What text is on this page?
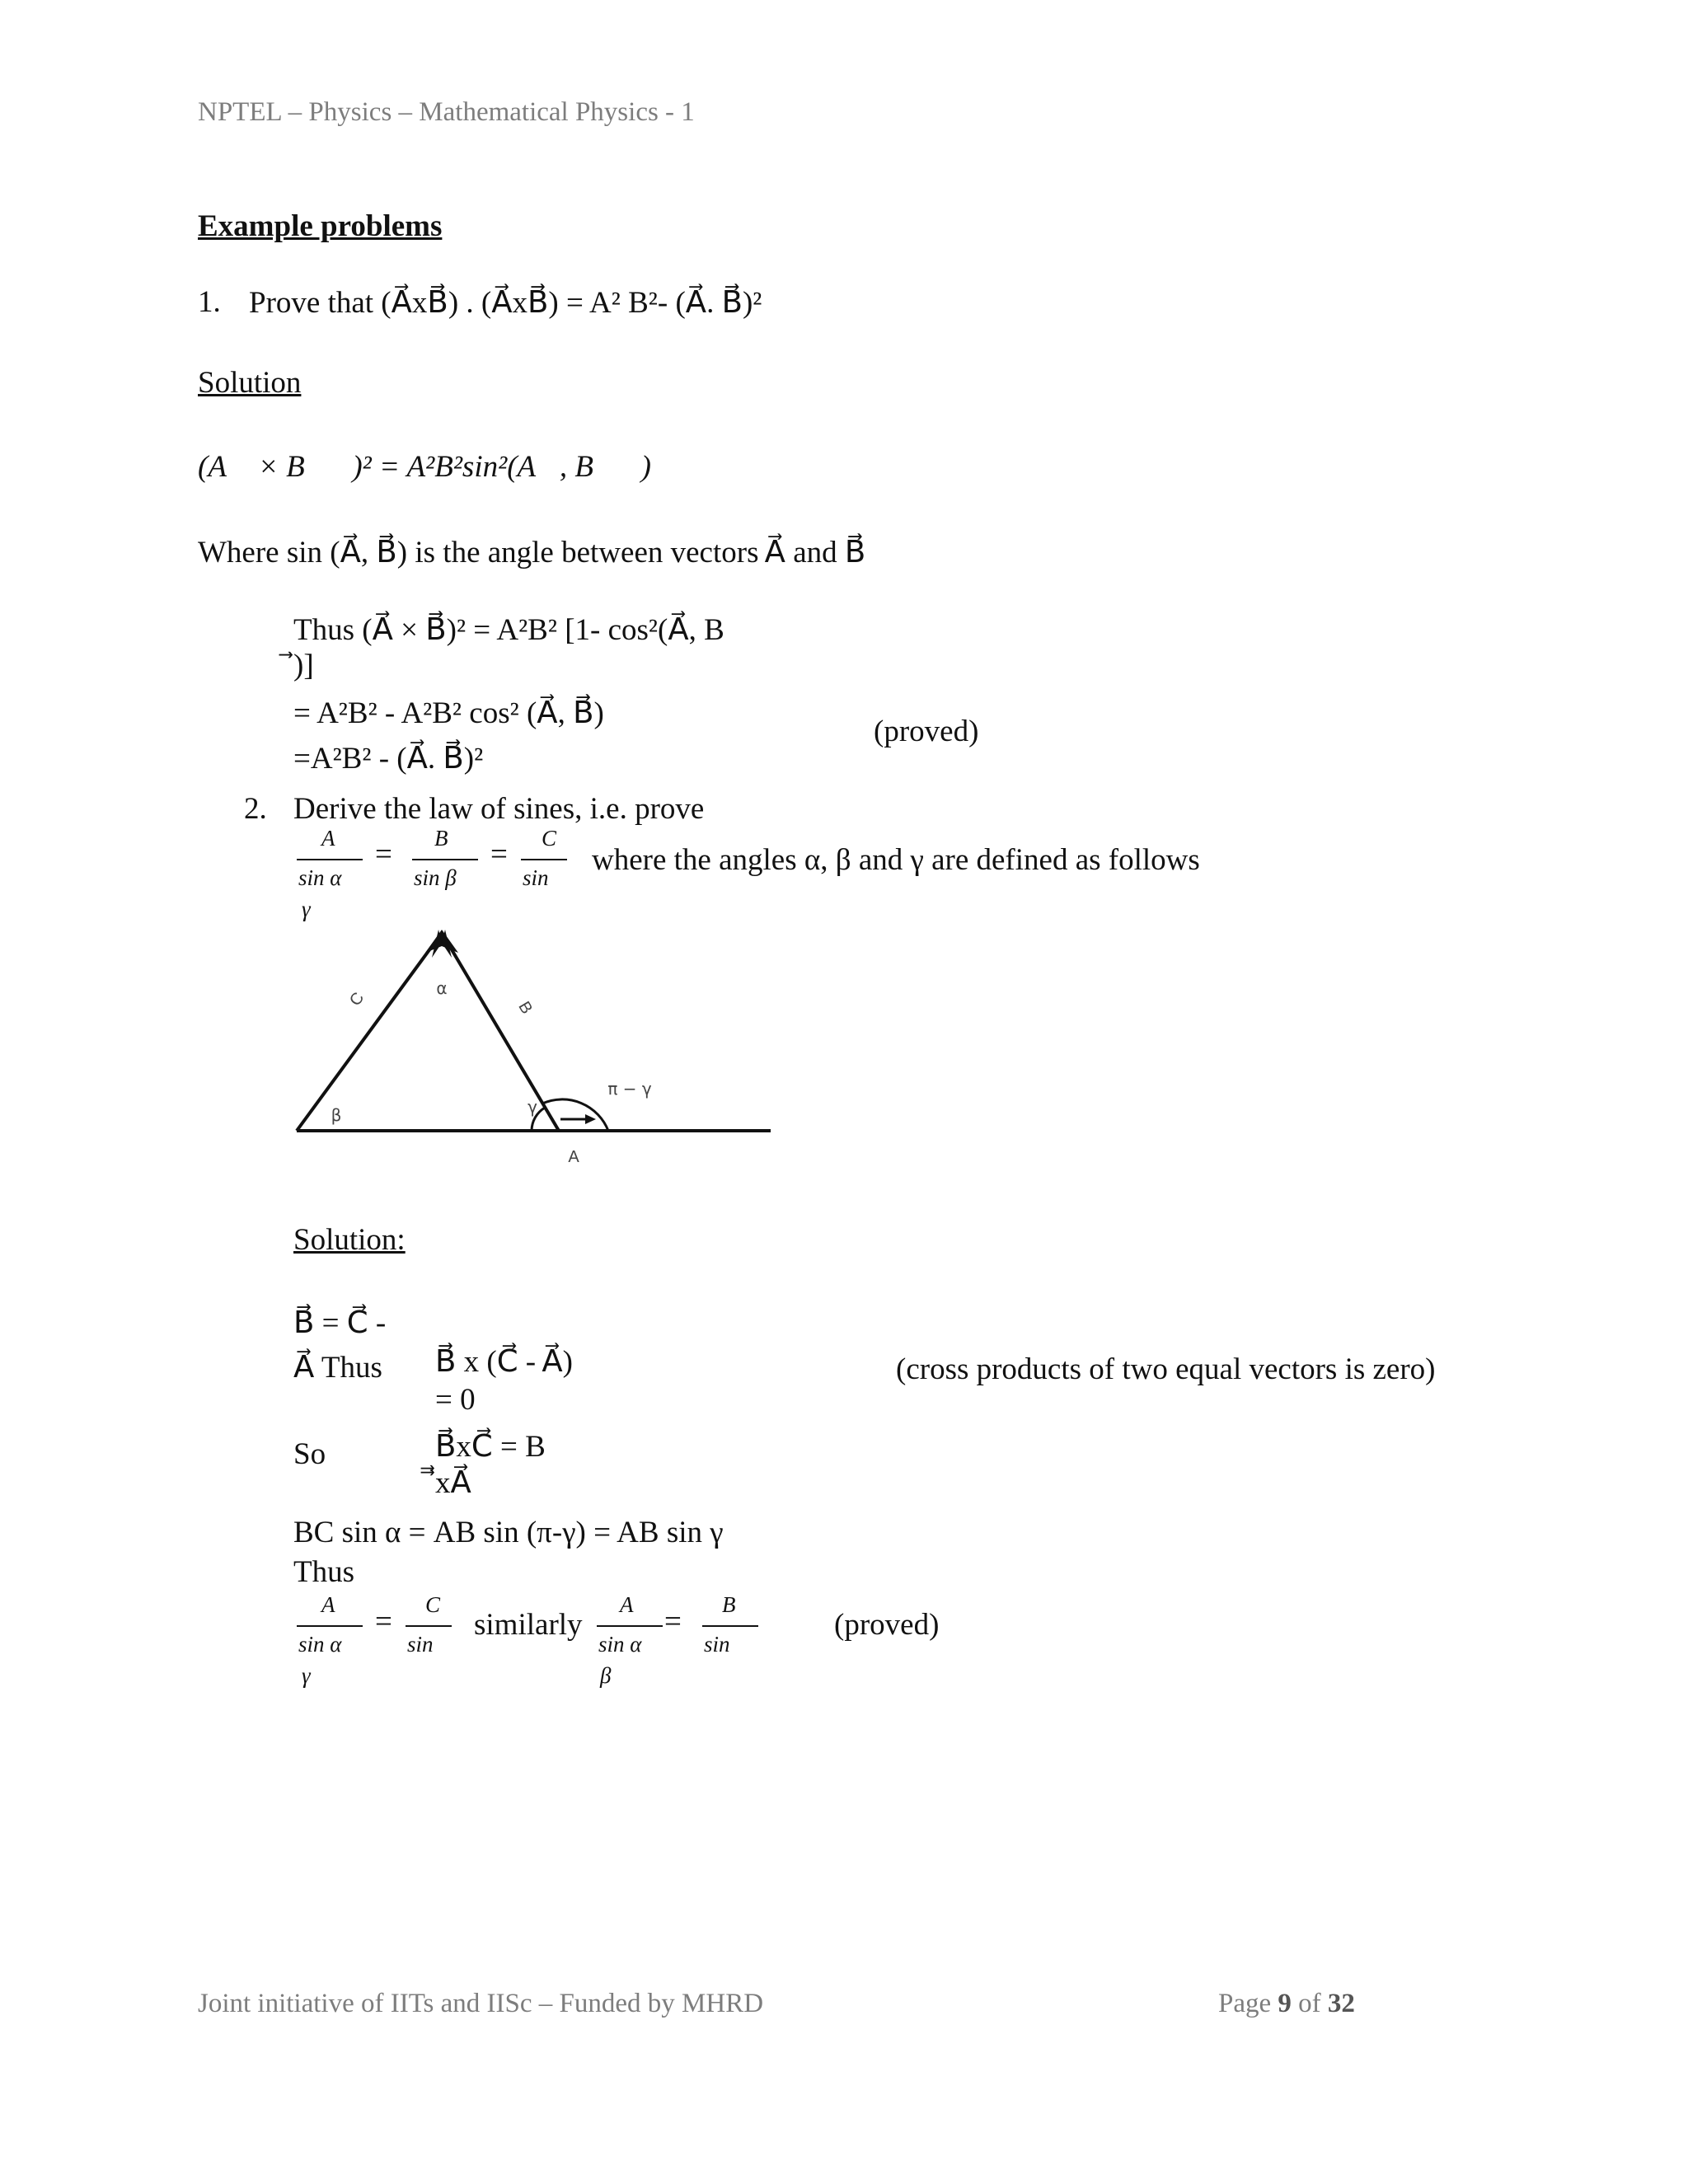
NPTEL – Physics – Mathematical Physics - 1
Example problems
1. Prove that (A⃗xB⃗⃗) . (A⃗xB⃗⃗) = A² B²- (A⃗. B⃗⃗)²
Solution
(A⃗ × B⃗⃗)² = A²B²sin²(A⃗, B⃗⃗)
Where sin (A⃗, B⃗⃗) is the angle between vectors A⃗ and B⃗⃗
Thus (A⃗ × B⃗⃗)² = A²B² [1- cos²(A⃗, B
⃗⃗)]
= A²B² - A²B² cos² (A⃗, B⃗⃗)
(proved)
=A²B² - (A⃗. B⃗⃗)²
2. Derive the law of sines, i.e. prove
A
sin α
γ
= B
sin β
= C
sin
where the angles α, β and γ are defined as follows
A
C	B
α
β	γ
π − γ
Solution:
B⃗⃗ = C⃗ -
A⃗ Thus B⃗⃗ x (C⃗ - A⃗)
= 0
(cross products of two equal vectors is zero)
So	B⃗⃗xC⃗ = B
⃗⃗xA⃗
BC sin α = AB sin (π-γ) = AB sin γ
Thus
A
sin α
γ
= C
sin
similarly
A
sin α
β
= B
sin
(proved)
Joint initiative of IITs and IISc – Funded by MHRD	Page 9 of 32
